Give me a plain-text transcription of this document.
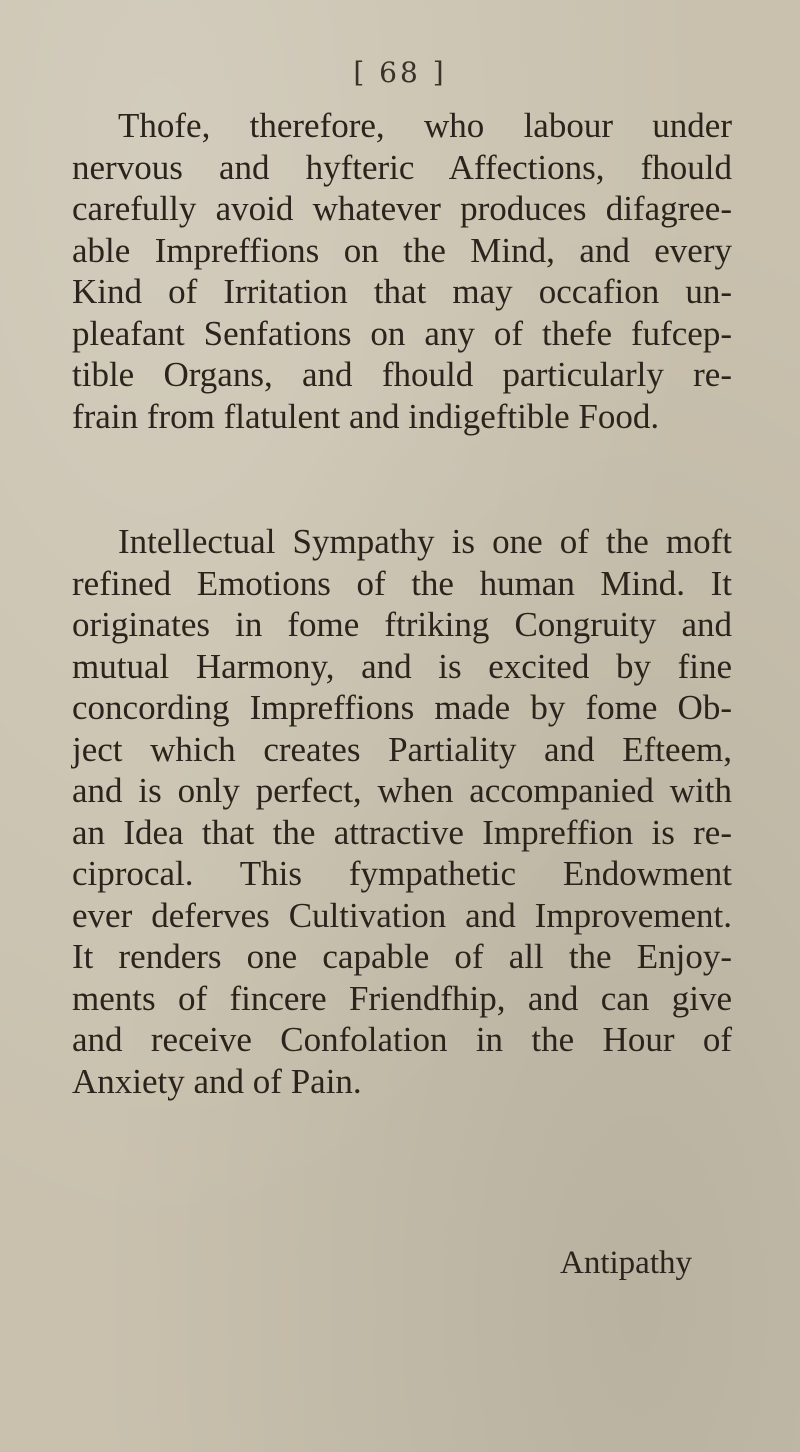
[ 68 ]
Thofe, therefore, who labour under
nervous and hyfteric Affections, fhould
carefully avoid whatever produces difagree-
able Impreffions on the Mind, and every
Kind of Irritation that may occafion un-
pleafant Senfations on any of thefe fufcep-
tible Organs, and fhould particularly re-
frain from flatulent and indigeftible Food.
Intellectual Sympathy is one of the moft
refined Emotions of the human Mind. It
originates in fome ftriking Congruity and
mutual Harmony, and is excited by fine
concording Impreffions made by fome Ob-
ject which creates Partiality and Efteem,
and is only perfect, when accompanied with
an Idea that the attractive Impreffion is re-
ciprocal. This fympathetic Endowment
ever deferves Cultivation and Improvement.
It renders one capable of all the Enjoy-
ments of fincere Friendfhip, and can give
and receive Confolation in the Hour of
Anxiety and of Pain.
Antipathy
